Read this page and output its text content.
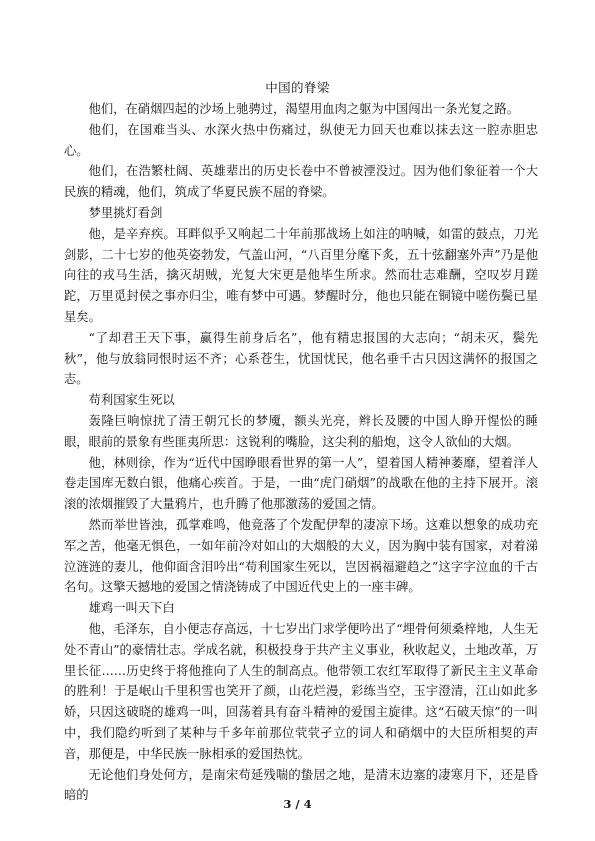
中国的脊梁

他们，在硝烟四起的沙场上驰骋过，渴望用血肉之躯为中国闯出一条光复之路。

他们，在国难当头、水深火热中伤痛过，纵使无力回天也难以抹去这一腔赤胆忠心。

他们，在浩繁杜阔、英雄辈出的历史长卷中不曾被湮没过。因为他们象征着一个大民族的精魂，他们，筑成了华夏民族不屈的脊梁。

梦里挑灯看剑

他，是辛弃疾。耳畔似乎又响起二十年前那战场上如注的呐喊，如雷的鼓点，刀光剑影，二十七岁的他英姿勃发，气盖山河，“八百里分麾下炙，五十弦翻塞外声”乃是他向往的戎马生活，擒灭胡贼，光复大宋更是他毕生所求。然而壮志难酬，空叹岁月蹉跎，万里觅封侯之事亦归尘，唯有梦中可遇。梦醒时分，他也只能在铜镜中嗟伤鬓已星星矣。

“了却君王天下事，赢得生前身后名”，他有精忠报国的大志向；“胡未灭，鬓先秋”，他与放翁同恨时运不齐；心系苍生，忧国忧民，他名垂千古只因这满怀的报国之志。

苟利国家生死以

轰隆巨响惊扰了清王朝冗长的梦魇，额头光亮，辫长及腰的中国人睁开惺忪的睡眼，眼前的景象有些匪夷所思：这锐利的嘴脸，这尖利的船炮，这令人欲仙的大烟。

他，林则徐，作为“近代中国睁眼看世界的第一人”，望着国人精神萎靡，望着洋人卷走国库无数白银，他痛心疾首。于是，一曲“虎门硝烟”的战歌在他的主持下展开。滚滚的浓烟摧毁了大量鸦片，也升腾了他那激荡的爱国之情。

然而举世皆浊，孤掌难鸣，他竟落了个发配伊犁的凄凉下场。这难以想象的成功充军之苦，他毫无惧色，一如年前冷对如山的大烟般的大义，因为胸中装有国家，对着涕泣涟涟的妻儿，他仰面含泪吟出“苟利国家生死以，岂因祸福避趋之”这字字泣血的千古名句。这擎天撼地的爱国之情浇铸成了中国近代史上的一座丰碑。

雄鸡一叫天下白

他，毛泽东，自小便志存高远，十七岁出门求学便吟出了“埋骨何须桑梓地，人生无处不青山”的豪情壮志。学成名就，积极投身于共产主义事业，秋收起义，土地改革，万里长征……历史终于将他推向了人生的制高点。他带领工农红军取得了新民主主义革命的胜利！于是岷山千里积雪也笑开了颜，山花烂漫，彩练当空，玉宇澄清，江山如此多娇，只因这破晓的雄鸡一叫，回荡着具有奋斗精神的爱国主旋律。这“石破天惊”的一叫中，我们隐约听到了某种与千多年前那位茕茕孑立的词人和硝烟中的大臣所相契的声音，那便是，中华民族一脉相承的爱国热忱。

无论他们身处何方，是南宋苟延残喘的蛰居之地，是清末边塞的凄寒月下，还是昏暗的

3 / 4
